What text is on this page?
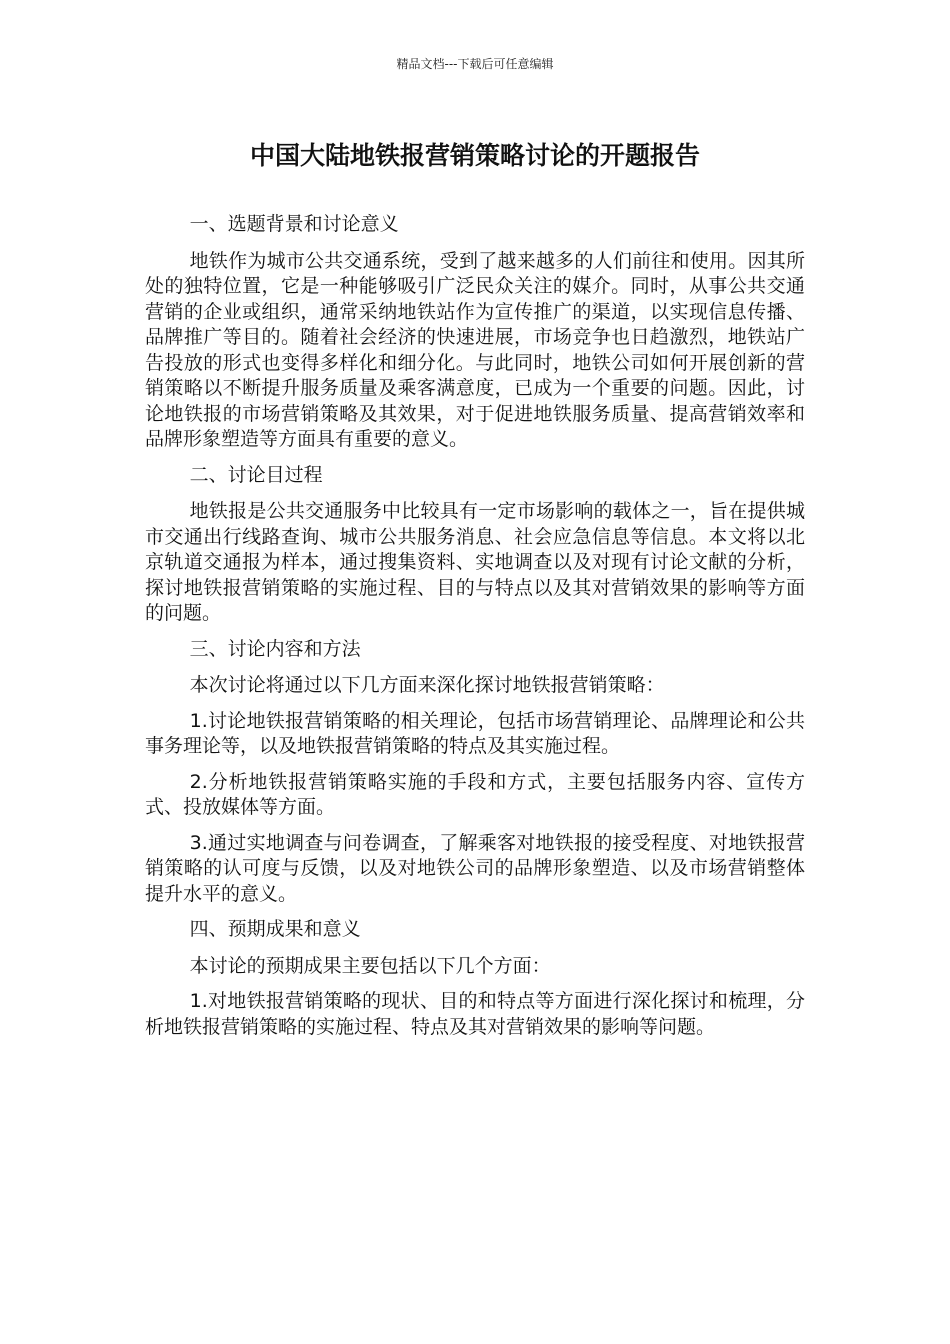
精品文档---下载后可任意编辑
中国大陆地铁报营销策略讨论的开题报告

一、选题背景和讨论意义

地铁作为城市公共交通系统，受到了越来越多的人们前往和使用。因其所处的独特位置，它是一种能够吸引广泛民众关注的媒介。同时，从事公共交通营销的企业或组织，通常采纳地铁站作为宣传推广的渠道，以实现信息传播、品牌推广等目的。随着社会经济的快速进展，市场竞争也日趋激烈，地铁站广告投放的形式也变得多样化和细分化。与此同时，地铁公司如何开展创新的营销策略以不断提升服务质量及乘客满意度，已成为一个重要的问题。因此，讨论地铁报的市场营销策略及其效果，对于促进地铁服务质量、提高营销效率和品牌形象塑造等方面具有重要的意义。

二、讨论目过程

地铁报是公共交通服务中比较具有一定市场影响的载体之一，旨在提供城市交通出行线路查询、城市公共服务消息、社会应急信息等信息。本文将以北京轨道交通报为样本，通过搜集资料、实地调查以及对现有讨论文献的分析，探讨地铁报营销策略的实施过程、目的与特点以及其对营销效果的影响等方面的问题。

三、讨论内容和方法

本次讨论将通过以下几方面来深化探讨地铁报营销策略：

1.讨论地铁报营销策略的相关理论，包括市场营销理论、品牌理论和公共事务理论等，以及地铁报营销策略的特点及其实施过程。

2.分析地铁报营销策略实施的手段和方式，主要包括服务内容、宣传方式、投放媒体等方面。

3.通过实地调查与问卷调查，了解乘客对地铁报的接受程度、对地铁报营销策略的认可度与反馈，以及对地铁公司的品牌形象塑造、以及市场营销整体提升水平的意义。

四、预期成果和意义

本讨论的预期成果主要包括以下几个方面：

1.对地铁报营销策略的现状、目的和特点等方面进行深化探讨和梳理，分析地铁报营销策略的实施过程、特点及其对营销效果的影响等问题。
